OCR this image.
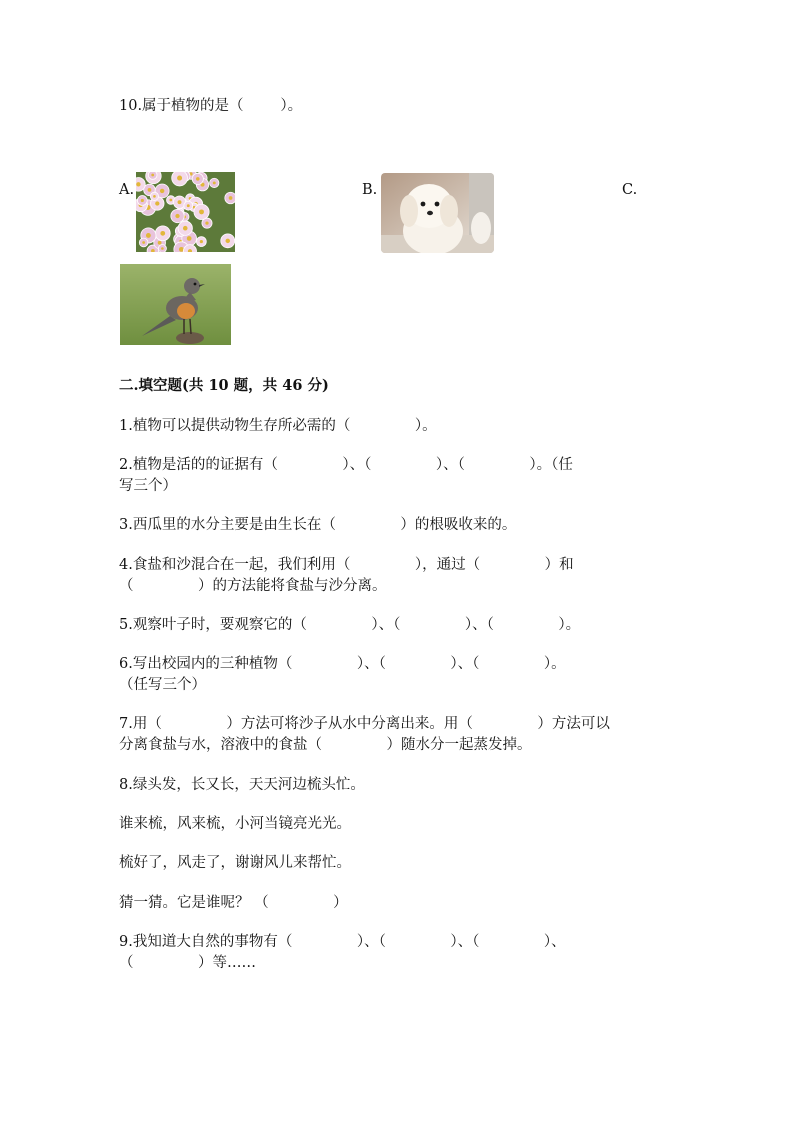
10.属于植物的是（        ）。
A.	B.	C.
二.填空题(共 10 题，共 46 分)
1.植物可以提供动物生存所必需的（              ）。
2.植物是活的的证据有（              ）、（              ）、（              ）。（任
写三个）
3.西瓜里的水分主要是由生长在（              ）的根吸收来的。
4.食盐和沙混合在一起，我们利用（              ），通过（              ）和
（              ）的方法能将食盐与沙分离。
5.观察叶子时，要观察它的（              ）、（              ）、（              ）。
6.写出校园内的三种植物（              ）、（              ）、（              ）。
（任写三个）
7.用（              ）方法可将沙子从水中分离出来。用（              ）方法可以
分离食盐与水，溶液中的食盐（              ）随水分一起蒸发掉。
8.绿头发，长又长，天天河边梳头忙。
谁来梳，风来梳，小河当镜亮光光。
梳好了，风走了，谢谢风儿来帮忙。
猜一猜。它是谁呢？ （              ）
9.我知道大自然的事物有（              ）、（              ）、（              ）、
（              ）等……
